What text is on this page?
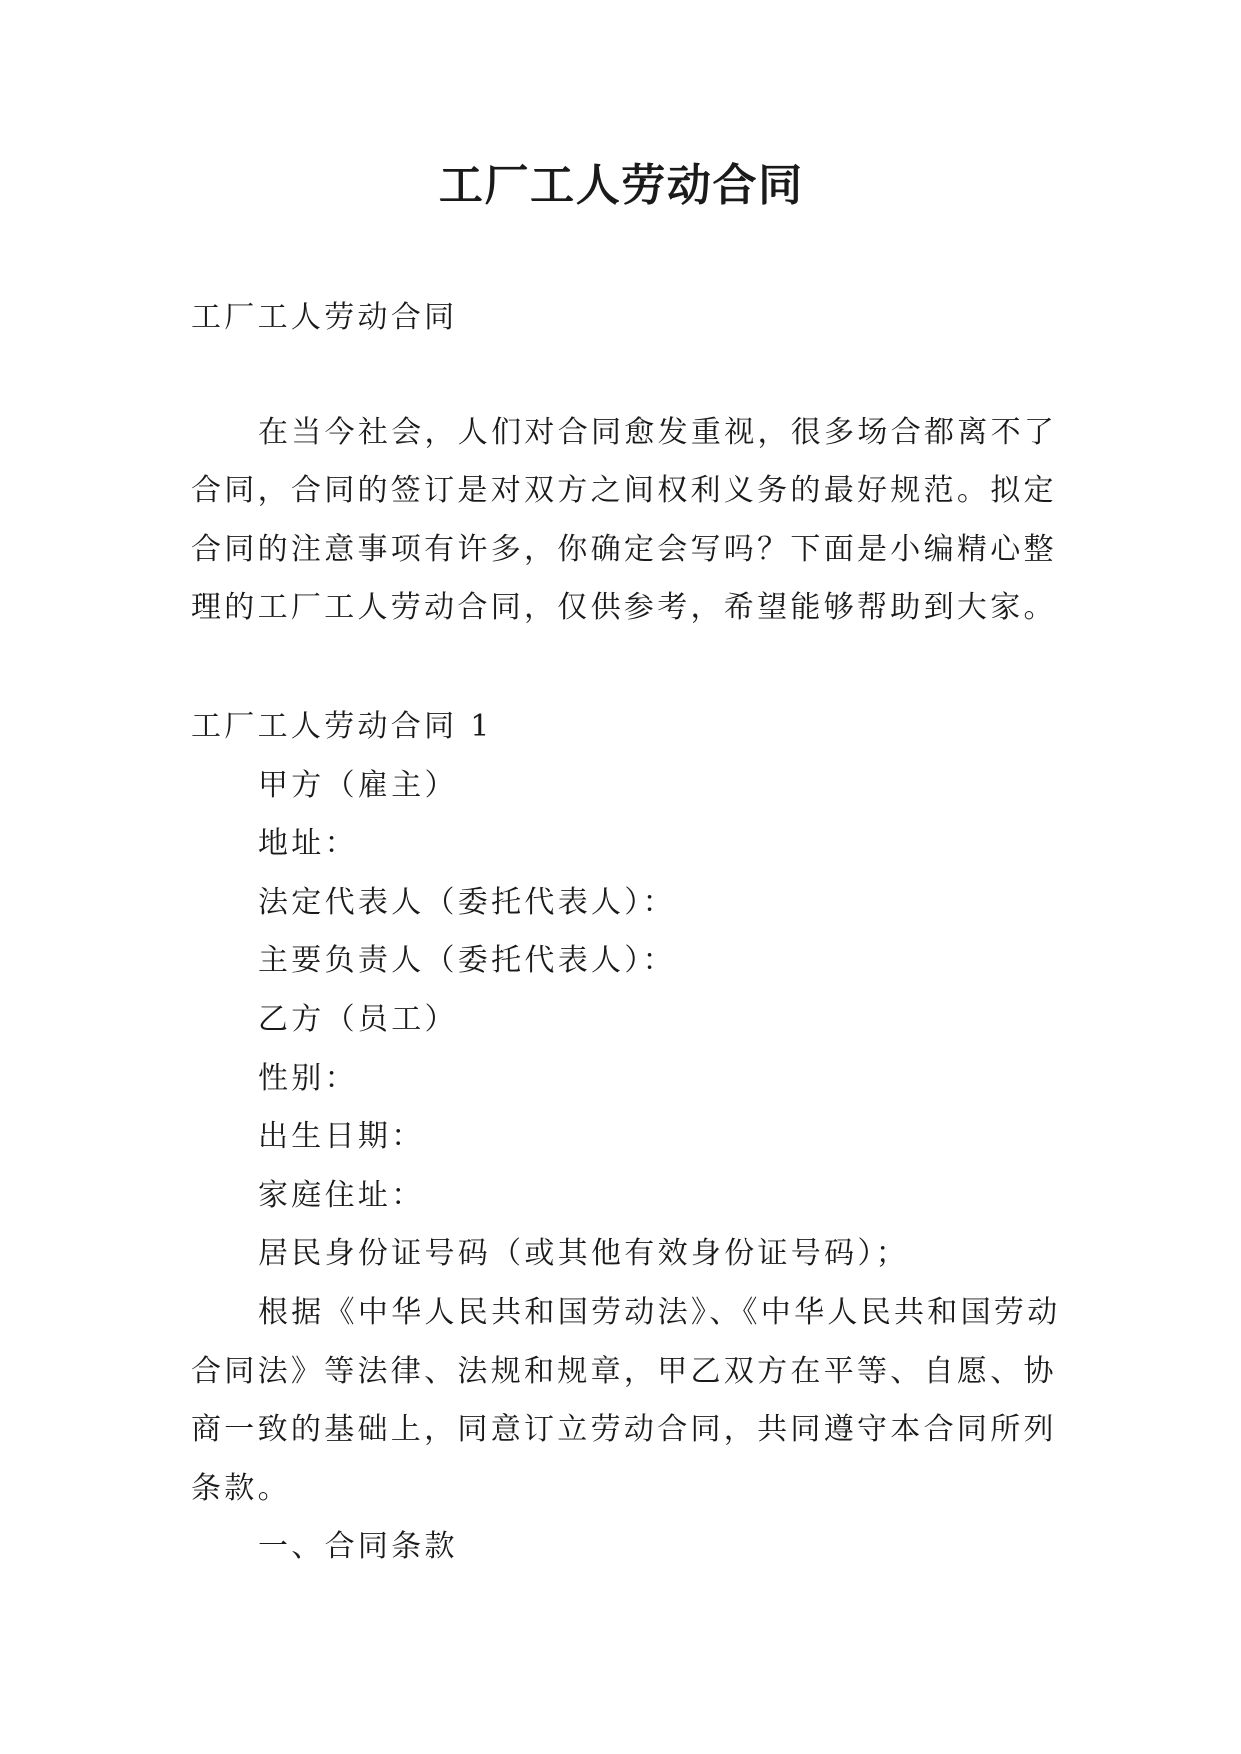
工厂工人劳动合同
工厂工人劳动合同
在当今社会，人们对合同愈发重视，很多场合都离不了
合同，合同的签订是对双方之间权利义务的最好规范。拟定
合同的注意事项有许多，你确定会写吗？下面是小编精心整
理的工厂工人劳动合同，仅供参考，希望能够帮助到大家。
工厂工人劳动合同 1
甲方（雇主）
地址：
法定代表人（委托代表人）：
主要负责人（委托代表人）：
乙方（员工）
性别：
出生日期：
家庭住址：
居民身份证号码（或其他有效身份证号码）；
根据《中华人民共和国劳动法》、《中华人民共和国劳动
合同法》等法律、法规和规章，甲乙双方在平等、自愿、协
商一致的基础上，同意订立劳动合同，共同遵守本合同所列
条款。
一、合同条款
